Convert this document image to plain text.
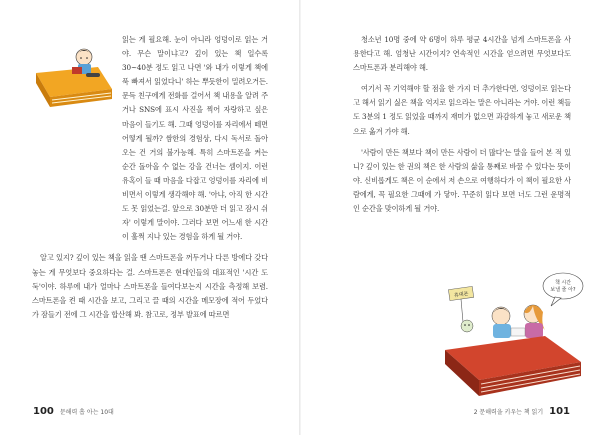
읽는 게 필요해. 눈이 아니라 엉덩이로 읽는 거야. 무슨 말이냐고? 깊이 있는 책 일수록 30~40분 정도 읽고 나면 '와 내가 이렇게 책에 푹 빠져서 읽었다니' 하는 뿌듯한이 밀려오거든. 문득 친구에게 전화를 걸어서 책 내용을 알려 주거나 SNS에 표시 사진을 찍어 자랑하고 싶은 마음이 들기도 해. 그때 엉덩이를 자리에서 떼면 어떻게 될까? 쌈한의 경험상, 다시 독서로 돌아오는 건 거의 불가능해. 특히 스마트폰을 켜는 순간 돌아올 수 없는 강을 건너는 셈이지. 이런 유혹이 들 때 마음을 다잡고 엉덩이를 자리에 비비면서 이렇게 생각해야 해. '아냐, 아직 한 시간도 못 읽었는걸. 앞으로 30분만 더 읽고 잠시 쉬자' 이렇게 말이야. 그러다 보면 어느새 한 시간이 훌쩍 지나 있는 경험을 하게 될 거야.

알고 있지? 깊이 있는 책을 읽을 땐 스마트폰을 꺼두거나 다른 방에다 갖다 놓는 게 무엇보다 중요하다는 걸. 스마트폰은 현대인들의 대표적인 '시간 도둑'이야. 하루에 내가 얼마나 스마트폰을 들여다보는지 시간을 측정해 보렴. 스마트폰을 켠 때 시간을 보고, 그리고 끌 때의 시간을 메모장에 적어 두었다가 잠들기 전에 그 시간을 합산해 봐. 참고로, 정부 발표에 따르면

100 문해력 흡 아는 10대

청소년 10명 중에 약 6명이 하루 평균 4시간을 넘게 스마트폰을 사용한다고 해. 엄청난 시간이지? 연속적인 시간을 얻으려면 무엇보다도 스마트폰과 분리해야 해.

여기서 꼭 기억해야 할 점을 한 가지 더 추가한다면, 엉덩이로 읽는다고 해서 읽기 싫은 책을 억지로 읽으라는 말은 아니라는 거야. 이런 책들도 3분의 1 정도 읽었을 때까지 재미가 없으면 과감하게 놓고 새로운 책으로 옮겨 가야 해.

'사람이 만든 책보다 책이 만든 사람이 더 많다'는 말을 들어 본 적 있니? 깊이 있는 한 권의 책은 한 사람의 삶을 통째로 바꿀 수 있다는 뜻이야. 신비롭게도 책은 이 순에서 저 손으로 여행하다가 이 책이 필요한 사람에게, 꼭 필요한 그때에 가 닿아. 꾸준히 읽다 보면 너도 그런 운명적인 순간을 맞이하게 될 거야.

책 시간
보낼 줄 아?
휴대폰
2 문해력을 키우는 책 읽기 101
